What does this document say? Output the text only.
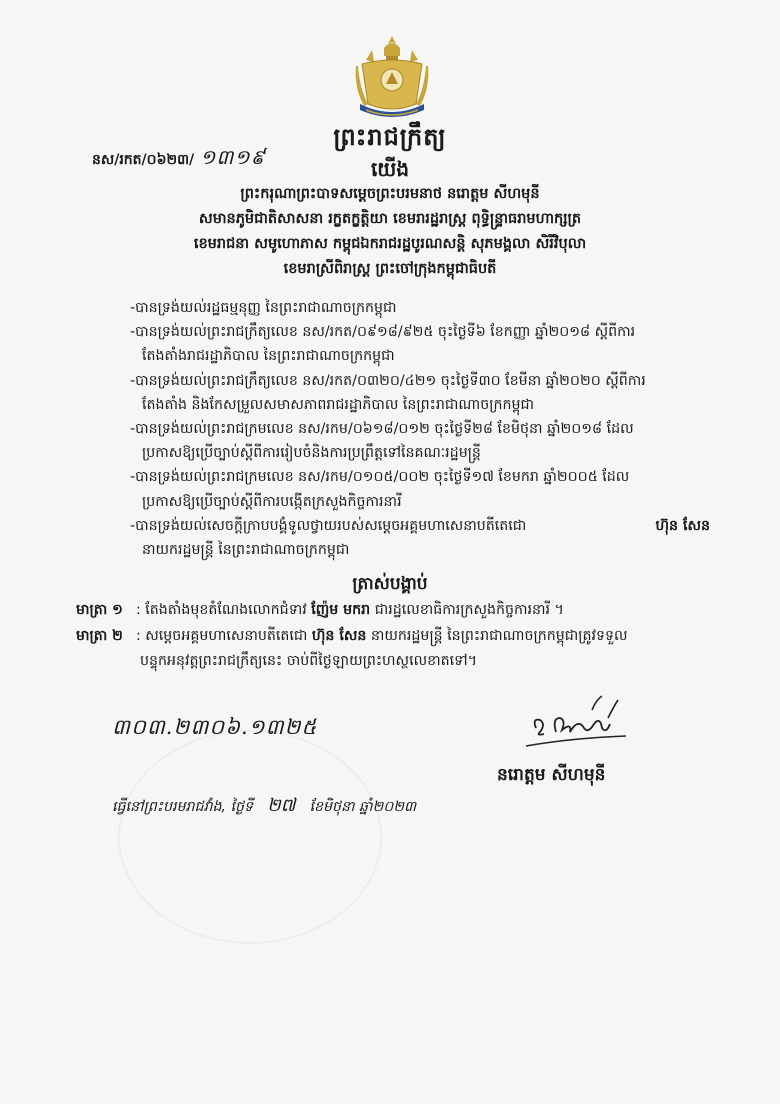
ព្រះរាជក្រឹត្យ
នស/រកត/០៦២៣/ ១៣១៩	យើង
ព្រះករុណាព្រះបាទសម្តេចព្រះបរមនាថ នរោត្តម សីហមុនី
សមានភូមិជាតិសាសនា រក្ខតក្ខត្តិយា ខេមរារដ្ឋរាស្ត្រ ពុទ្ធិន្ទ្រាធរាមហាក្សត្រ
ខេមរាជនា សមូហោភាស កម្ពុជឯករាជរដ្ឋបូរណសន្តិ សុភមង្គលា សិរីវិបុលា
ខេមរាស្រីពិរាស្ត្រ ព្រះចៅក្រុងកម្ពុជាធិបតី
-បានទ្រង់យល់រដ្ឋធម្មនុញ្ញ នៃព្រះរាជាណាចក្រកម្ពុជា
-បានទ្រង់យល់ព្រះរាជក្រឹត្យលេខ នស/រកត/០៩១៨/៩២៥ ចុះថ្ងៃទី៦ ខែកញ្ញា ឆ្នាំ២០១៨ ស្តីពីការ
តែងតាំងរាជរដ្ឋាភិបាល នៃព្រះរាជាណាចក្រកម្ពុជា
-បានទ្រង់យល់ព្រះរាជក្រឹត្យលេខ នស/រកត/០៣២០/៤២១ ចុះថ្ងៃទី៣០ ខែមីនា ឆ្នាំ២០២០ ស្តីពីការ
តែងតាំង និងកែសម្រួលសមាសភាពរាជរដ្ឋាភិបាល នៃព្រះរាជាណាចក្រកម្ពុជា
-បានទ្រង់យល់ព្រះរាជក្រមលេខ នស/រកម/០៦១៨/០១២ ចុះថ្ងៃទី២៨ ខែមិថុនា ឆ្នាំ២០១៨ ដែល
ប្រកាសឱ្យប្រើច្បាប់ស្តីពីការរៀបចំនិងការប្រព្រឹត្តទៅនៃគណៈរដ្ឋមន្ត្រី
-បានទ្រង់យល់ព្រះរាជក្រមលេខ នស/រកម/០១០៥/០០២ ចុះថ្ងៃទី១៧ ខែមករា ឆ្នាំ២០០៥ ដែល
ប្រកាសឱ្យប្រើច្បាប់ស្តីពីការបង្កើតក្រសួងកិច្ចការនារី
-បានទ្រង់យល់សេចក្តីក្រាបបង្គំទូលថ្វាយរបស់សម្តេចអគ្គមហាសេនាបតីតេជោ	ហ៊ុន សែន
នាយករដ្ឋមន្ត្រី នៃព្រះរាជាណាចក្រកម្ពុជា
ត្រាស់បង្គាប់
មាត្រា ១ : តែងតាំងមុខតំណែងលោកជំទាវ ញ៉ែម មករា ជារដ្ឋលេខាធិការក្រសួងកិច្ចការនារី ។
មាត្រា ២ : សម្តេចអគ្គមហាសេនាបតីតេជោ ហ៊ុន សែន នាយករដ្ឋមន្ត្រី នៃព្រះរាជាណាចក្រកម្ពុជាត្រូវទទួល
បន្ទុកអនុវត្តព្រះរាជក្រឹត្យនេះ ចាប់ពីថ្ងៃឡាយព្រះហស្ថលេខាតទៅ។
៣០៣.២៣០៦.១៣២៥
នរោត្តម សីហមុនី
ធ្វើនៅព្រះបរមរាជវាំង, ថ្ងៃទី ២៧ ខែមិថុនា ឆ្នាំ២០២៣
